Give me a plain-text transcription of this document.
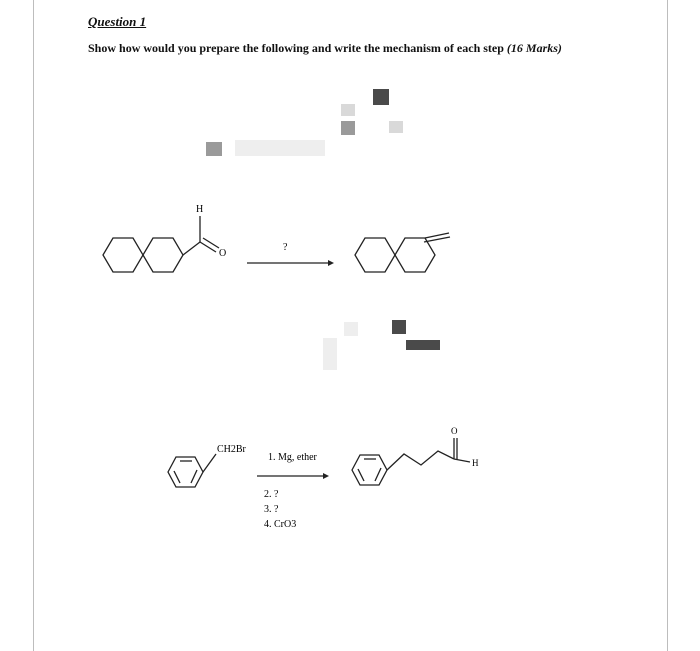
Question 1
Show how would you prepare the following and write the mechanism of each step (16 Marks)
H
O
?
CH2Br
1. Mg, ether
2. ?
3. ?
4. CrO3
O
H
